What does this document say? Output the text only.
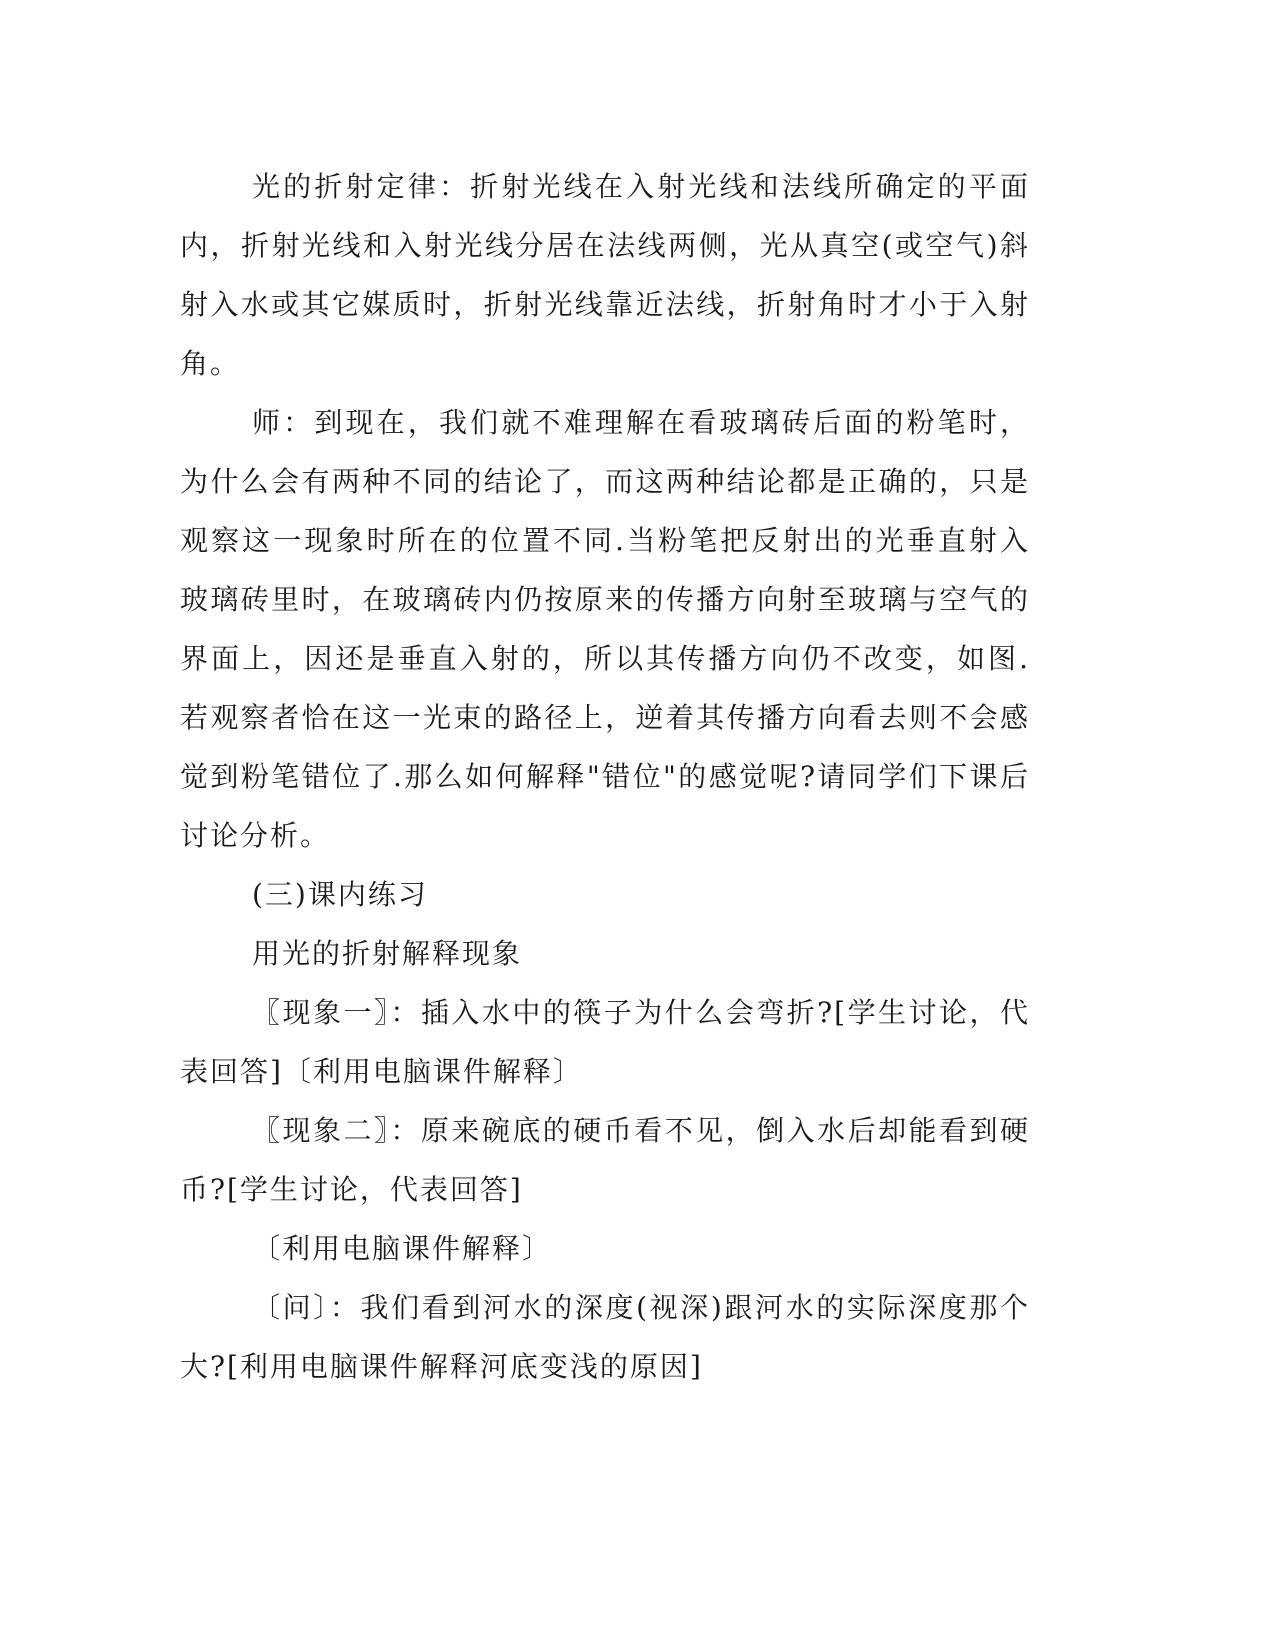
光的折射定律：折射光线在入射光线和法线所确定的平面内，折射光线和入射光线分居在法线两侧，光从真空(或空气)斜射入水或其它媒质时，折射光线靠近法线，折射角时才小于入射角。

师：到现在，我们就不难理解在看玻璃砖后面的粉笔时，为什么会有两种不同的结论了，而这两种结论都是正确的，只是观察这一现象时所在的位置不同.当粉笔把反射出的光垂直射入玻璃砖里时，在玻璃砖内仍按原来的传播方向射至玻璃与空气的界面上，因还是垂直入射的，所以其传播方向仍不改变，如图.若观察者恰在这一光束的路径上，逆着其传播方向看去则不会感觉到粉笔错位了.那么如何解释"错位"的感觉呢?请同学们下课后讨论分析。

(三)课内练习

用光的折射解释现象

〖现象一〗：插入水中的筷子为什么会弯折?[学生讨论，代表回答]〔利用电脑课件解释〕

〖现象二〗：原来碗底的硬币看不见，倒入水后却能看到硬币?[学生讨论，代表回答]

〔利用电脑课件解释〕

〔问〕：我们看到河水的深度(视深)跟河水的实际深度那个大?[利用电脑课件解释河底变浅的原因]
